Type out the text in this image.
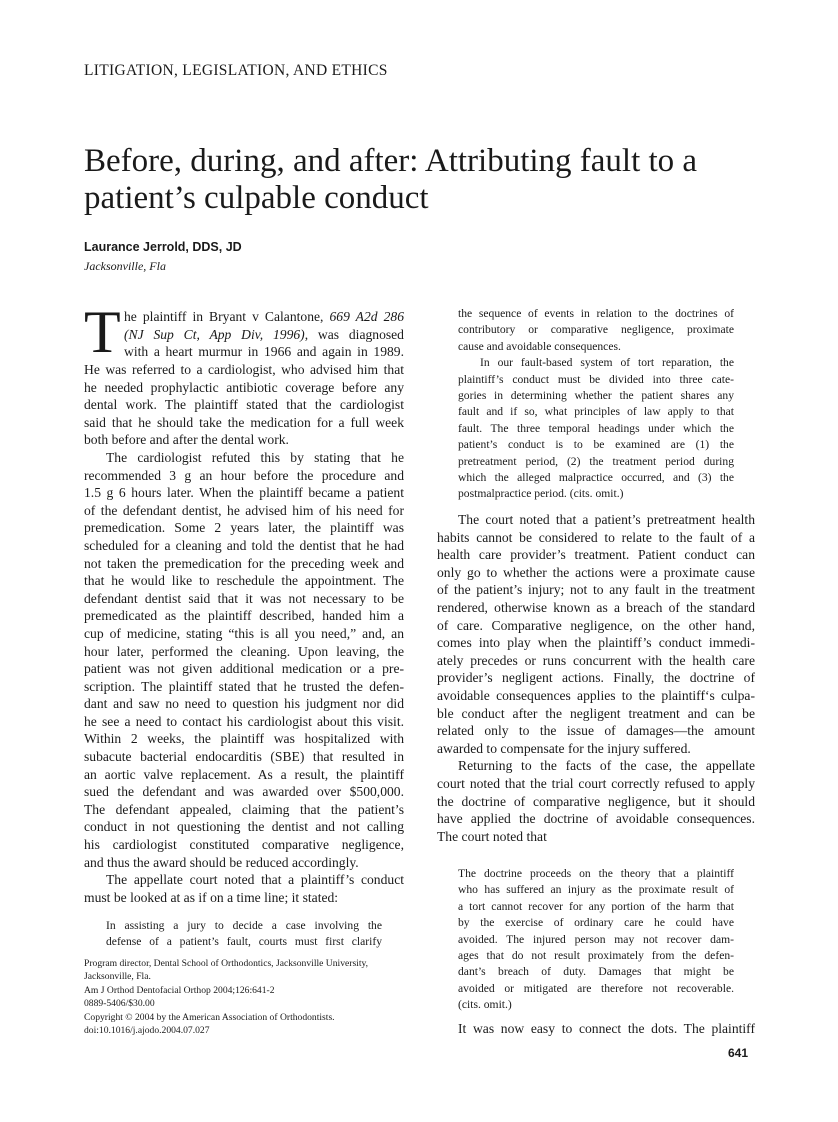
LITIGATION, LEGISLATION, AND ETHICS
Before, during, and after: Attributing fault to a
patient’s culpable conduct
Laurance Jerrold, DDS, JD
Jacksonville, Fla
T he plaintiff in Bryant v Calantone, 669 A2d 286
(NJ Sup Ct, App Div, 1996), was diagnosed
with a heart murmur in 1966 and again in 1989.
He was referred to a cardiologist, who advised him that
he needed prophylactic antibiotic coverage before any
dental work. The plaintiff stated that the cardiologist
said that he should take the medication for a full week
both before and after the dental work.
The cardiologist refuted this by stating that he
recommended 3 g an hour before the procedure and
1.5 g 6 hours later. When the plaintiff became a patient
of the defendant dentist, he advised him of his need for
premedication. Some 2 years later, the plaintiff was
scheduled for a cleaning and told the dentist that he had
not taken the premedication for the preceding week and
that he would like to reschedule the appointment. The
defendant dentist said that it was not necessary to be
premedicated as the plaintiff described, handed him a
cup of medicine, stating “this is all you need,” and, an
hour later, performed the cleaning. Upon leaving, the
patient was not given additional medication or a pre-
scription. The plaintiff stated that he trusted the defen-
dant and saw no need to question his judgment nor did
he see a need to contact his cardiologist about this visit.
Within 2 weeks, the plaintiff was hospitalized with
subacute bacterial endocarditis (SBE) that resulted in
an aortic valve replacement. As a result, the plaintiff
sued the defendant and was awarded over $500,000.
The defendant appealed, claiming that the patient’s
conduct in not questioning the dentist and not calling
his cardiologist constituted comparative negligence,
and thus the award should be reduced accordingly.
The appellate court noted that a plaintiff’s conduct
must be looked at as if on a time line; it stated:
In assisting a jury to decide a case involving the
defense of a patient’s fault, courts must first clarify
Program director, Dental School of Orthodontics, Jacksonville University,
Jacksonville, Fla.
Am J Orthod Dentofacial Orthop 2004;126:641-2
0889-5406/$30.00
Copyright © 2004 by the American Association of Orthodontists.
doi:10.1016/j.ajodo.2004.07.027
the sequence of events in relation to the doctrines of
contributory or comparative negligence, proximate
cause and avoidable consequences.
In our fault-based system of tort reparation, the
plaintiff’s conduct must be divided into three cate-
gories in determining whether the patient shares any
fault and if so, what principles of law apply to that
fault. The three temporal headings under which the
patient’s conduct is to be examined are (1) the
pretreatment period, (2) the treatment period during
which the alleged malpractice occurred, and (3) the
postmalpractice period. (cits. omit.)
The court noted that a patient’s pretreatment health
habits cannot be considered to relate to the fault of a
health care provider’s treatment. Patient conduct can
only go to whether the actions were a proximate cause
of the patient’s injury; not to any fault in the treatment
rendered, otherwise known as a breach of the standard
of care. Comparative negligence, on the other hand,
comes into play when the plaintiff’s conduct immedi-
ately precedes or runs concurrent with the health care
provider’s negligent actions. Finally, the doctrine of
avoidable consequences applies to the plaintiff‘s culpa-
ble conduct after the negligent treatment and can be
related only to the issue of damages—the amount
awarded to compensate for the injury suffered.
Returning to the facts of the case, the appellate
court noted that the trial court correctly refused to apply
the doctrine of comparative negligence, but it should
have applied the doctrine of avoidable consequences.
The court noted that
The doctrine proceeds on the theory that a plaintiff
who has suffered an injury as the proximate result of
a tort cannot recover for any portion of the harm that
by the exercise of ordinary care he could have
avoided. The injured person may not recover dam-
ages that do not result proximately from the defen-
dant’s breach of duty. Damages that might be
avoided or mitigated are therefore not recoverable.
(cits. omit.)
It was now easy to connect the dots. The plaintiff
641
